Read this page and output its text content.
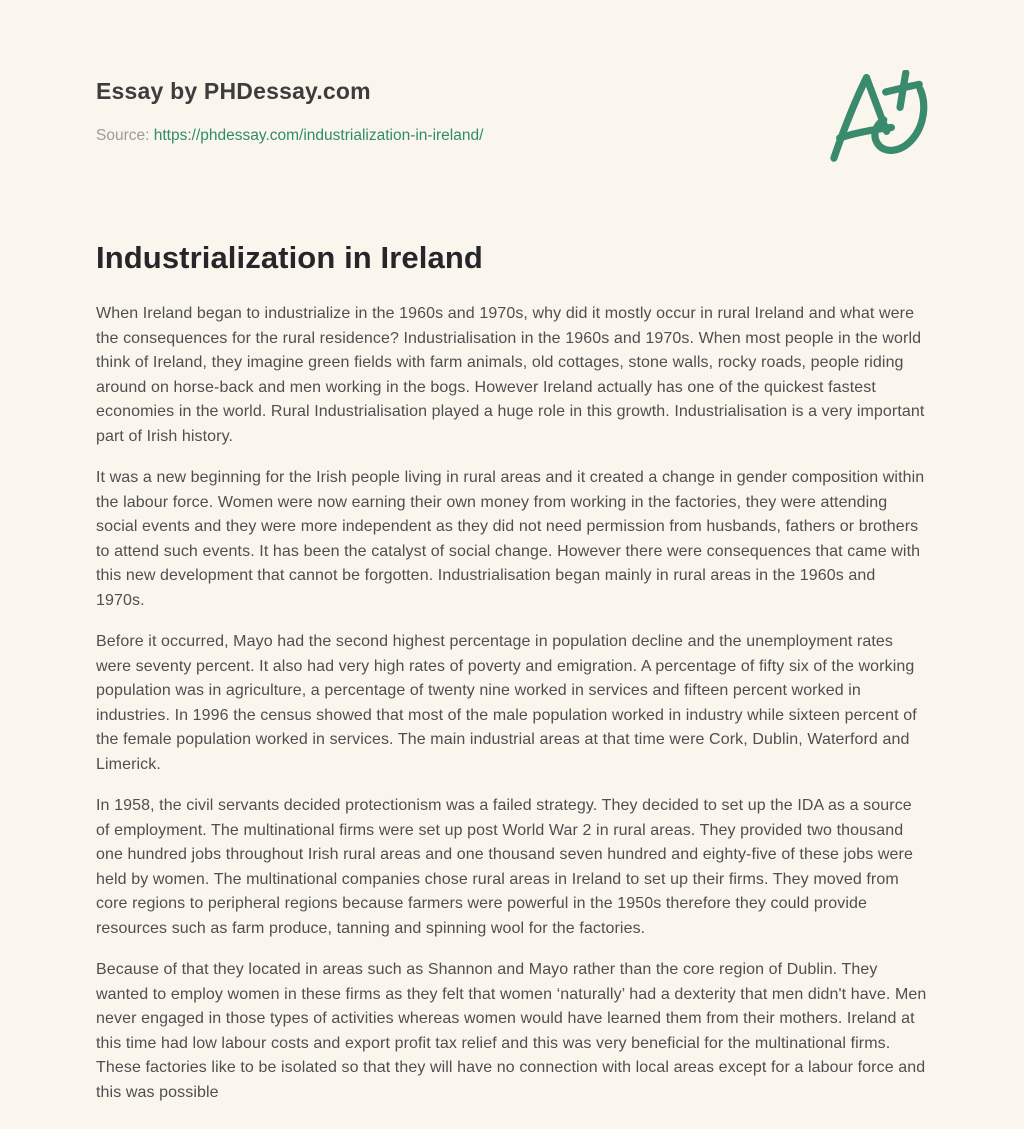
Essay by PHDessay.com
Source: https://phdessay.com/industrialization-in-ireland/
Industrialization in Ireland

When Ireland began to industrialize in the 1960s and 1970s, why did it mostly occur in rural Ireland and what were the consequences for the rural residence? Industrialisation in the 1960s and 1970s. When most people in the world think of Ireland, they imagine green fields with farm animals, old cottages, stone walls, rocky roads, people riding around on horse-back and men working in the bogs. However Ireland actually has one of the quickest fastest economies in the world. Rural Industrialisation played a huge role in this growth. Industrialisation is a very important part of Irish history.

It was a new beginning for the Irish people living in rural areas and it created a change in gender composition within the labour force. Women were now earning their own money from working in the factories, they were attending social events and they were more independent as they did not need permission from husbands, fathers or brothers to attend such events. It has been the catalyst of social change. However there were consequences that came with this new development that cannot be forgotten. Industrialisation began mainly in rural areas in the 1960s and 1970s.

Before it occurred, Mayo had the second highest percentage in population decline and the unemployment rates were seventy percent. It also had very high rates of poverty and emigration. A percentage of fifty six of the working population was in agriculture, a percentage of twenty nine worked in services and fifteen percent worked in industries. In 1996 the census showed that most of the male population worked in industry while sixteen percent of the female population worked in services. The main industrial areas at that time were Cork, Dublin, Waterford and Limerick.

In 1958, the civil servants decided protectionism was a failed strategy. They decided to set up the IDA as a source of employment. The multinational firms were set up post World War 2 in rural areas. They provided two thousand one hundred jobs throughout Irish rural areas and one thousand seven hundred and eighty-five of these jobs were held by women. The multinational companies chose rural areas in Ireland to set up their firms. They moved from core regions to peripheral regions because farmers were powerful in the 1950s therefore they could provide resources such as farm produce, tanning and spinning wool for the factories.

Because of that they located in areas such as Shannon and Mayo rather than the core region of Dublin. They wanted to employ women in these firms as they felt that women ‘naturally’ had a dexterity that men didn't have. Men never engaged in those types of activities whereas women would have learned them from their mothers. Ireland at this time had low labour costs and export profit tax relief and this was very beneficial for the multinational firms. These factories like to be isolated so that they will have no connection with local areas except for a labour force and this was possible
